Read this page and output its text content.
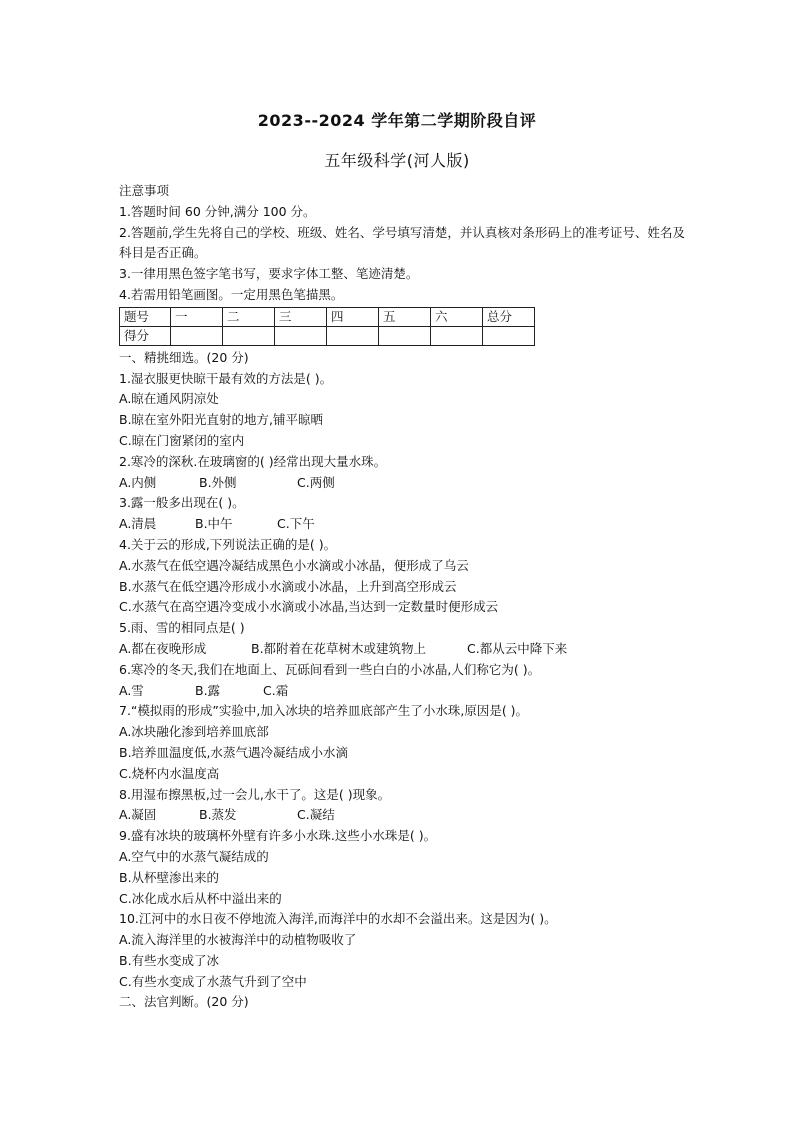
2023--2024 学年第二学期阶段自评
五年级科学(河人版)
注意事项
1.答题时间 60 分钟,满分 100 分。
2.答题前,学生先将自己的学校、班级、姓名、学号填写清楚，并认真核对条形码上的准考证号、姓名及科目是否正确。
3.一律用黑色签字笔书写，要求字体工整、笔迹清楚。
4.若需用铅笔画图。一定用黑色笔描黑。
题号	一	二	三	四	五	六	总分
得分							
一、精挑细选。(20 分)
1.湿衣服更快晾干最有效的方法是( )。
A.晾在通风阴凉处
B.晾在室外阳光直射的地方,铺平晾晒
C.晾在门窗紧闭的室内
2.寒冷的深秋.在玻璃窗的( )经常出现大量水珠。
A.内侧	B.外侧	C.两侧
3.露一般多出现在( )。
A.清晨	B.中午	C.下午
4.关于云的形成,下列说法正确的是( )。
A.水蒸气在低空遇冷凝结成黑色小水滴或小冰晶，便形成了乌云
B.水蒸气在低空遇冷形成小水滴或小冰晶，上升到高空形成云
C.水蒸气在高空遇冷变成小水滴或小冰晶,当达到一定数量时便形成云
5.雨、雪的相同点是( )
A.都在夜晚形成	B.都附着在花草树木或建筑物上	C.都从云中降下来
6.寒冷的冬天,我们在地面上、瓦砾间看到一些白白的小冰晶,人们称它为( )。
A.雪	B.露	C.霜
7.“模拟雨的形成”实验中,加入冰块的培养皿底部产生了小水珠,原因是( )。
A.冰块融化渗到培养皿底部
B.培养皿温度低,水蒸气遇冷凝结成小水滴
C.烧杯内水温度高
8.用湿布擦黑板,过一会儿,水干了。这是( )现象。
A.凝固	B.蒸发	C.凝结
9.盛有冰块的玻璃杯外壁有许多小水珠.这些小水珠是( )。
A.空气中的水蒸气凝结成的
B.从杯壁渗出来的
C.冰化成水后从杯中溢出来的
10.江河中的水日夜不停地流入海洋,而海洋中的水却不会溢出来。这是因为( )。
A.流入海洋里的水被海洋中的动植物吸收了
B.有些水变成了冰
C.有些水变成了水蒸气升到了空中
二、法官判断。(20 分)
